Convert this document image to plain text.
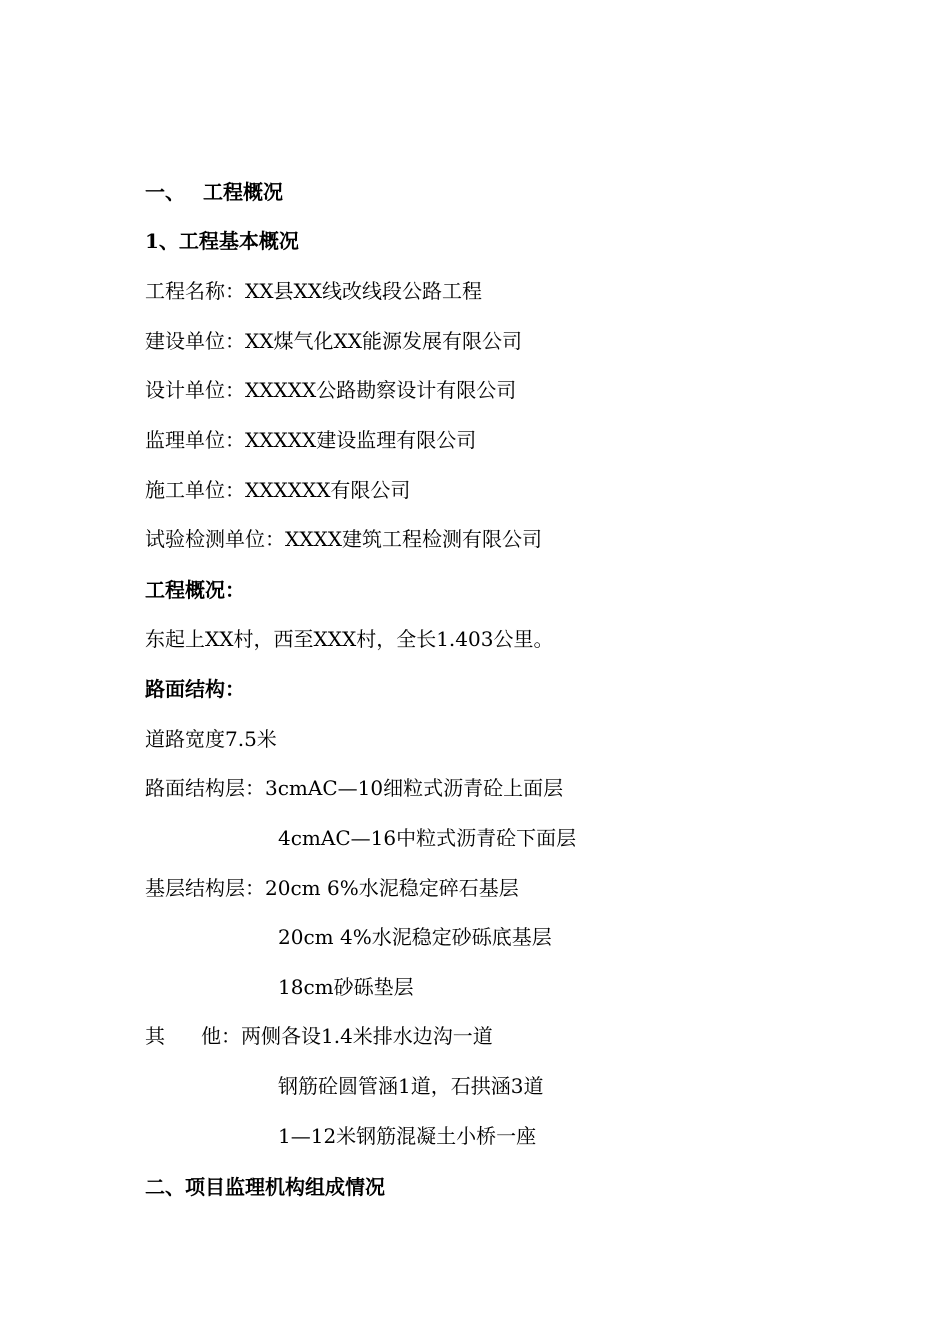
一、 工程概况
1、工程基本概况
工程名称：XX县XX线改线段公路工程
建设单位：XX煤气化XX能源发展有限公司
设计单位：XXXXX公路勘察设计有限公司
监理单位：XXXXX建设监理有限公司
施工单位：XXXXXX有限公司
试验检测单位：XXXX建筑工程检测有限公司
工程概况：
东起上XX村，西至XXX村，全长1.403公里。
路面结构：
道路宽度7.5米
路面结构层：3cmAC—10细粒式沥青砼上面层
4cmAC—16中粒式沥青砼下面层
基层结构层：20cm 6%水泥稳定碎石基层
20cm 4%水泥稳定砂砾底基层
18cm砂砾垫层
其 他：两侧各设1.4米排水边沟一道
钢筋砼圆管涵1道，石拱涵3道
1—12米钢筋混凝土小桥一座
二、项目监理机构组成情况
